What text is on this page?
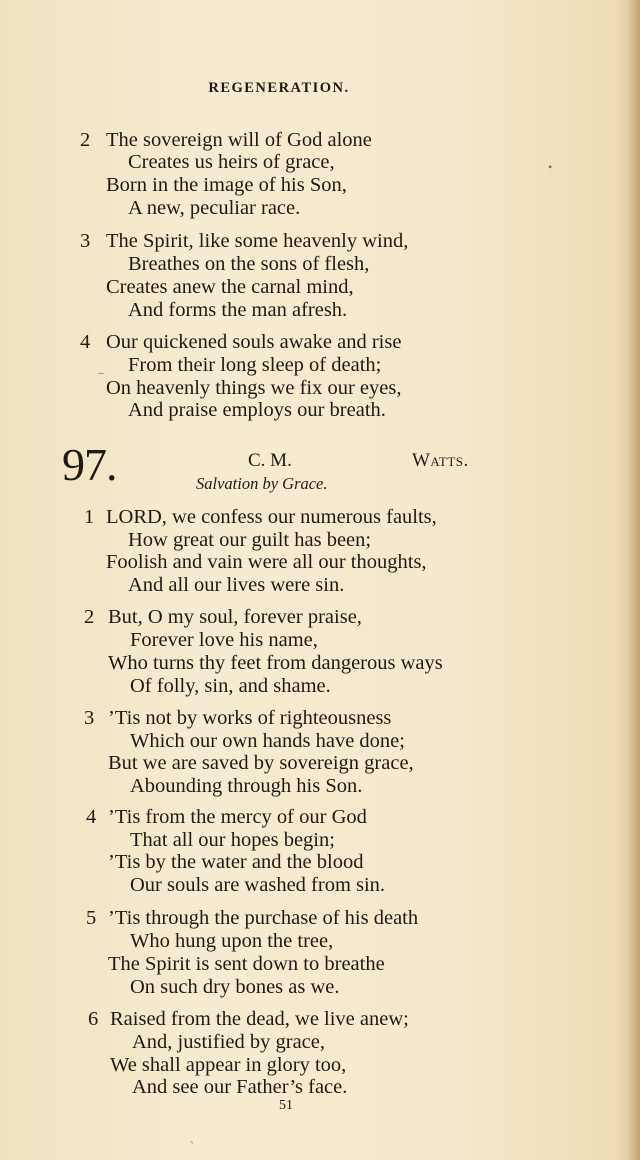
REGENERATION.
2 The sovereign will of God alone
Creates us heirs of grace,
Born in the image of his Son,
A new, peculiar race.
3 The Spirit, like some heavenly wind,
Breathes on the sons of flesh,
Creates anew the carnal mind,
And forms the man afresh.
4 Our quickened souls awake and rise
From their long sleep of death;
On heavenly things we fix our eyes,
And praise employs our breath.
97.	C. M.	Watts.
Salvation by Grace.
1 LORD, we confess our numerous faults,
How great our guilt has been;
Foolish and vain were all our thoughts,
And all our lives were sin.
2 But, O my soul, forever praise,
Forever love his name,
Who turns thy feet from dangerous ways
Of folly, sin, and shame.
3 ’Tis not by works of righteousness
Which our own hands have done;
But we are saved by sovereign grace,
Abounding through his Son.
4 ’Tis from the mercy of our God
That all our hopes begin;
’Tis by the water and the blood
Our souls are washed from sin.
5 ’Tis through the purchase of his death
Who hung upon the tree,
The Spirit is sent down to breathe
On such dry bones as we.
6 Raised from the dead, we live anew;
And, justified by grace,
We shall appear in glory too,
And see our Father’s face.
51
•
‒
ˏ
